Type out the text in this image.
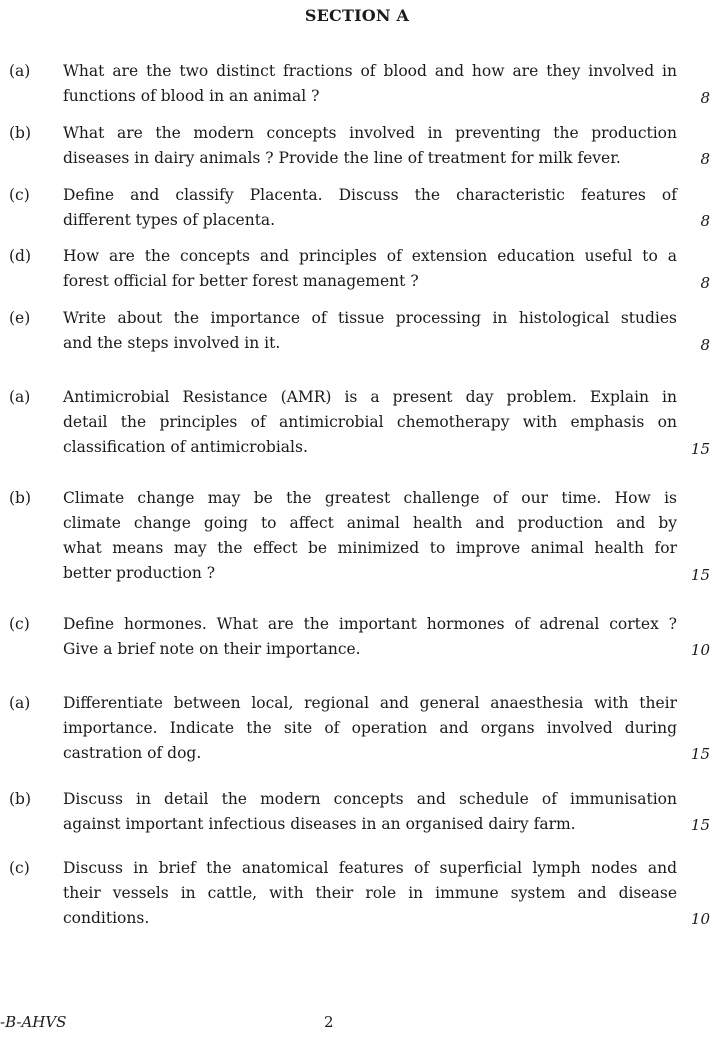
SECTION A
(a) What are the two distinct fractions of blood and how are they involved in
functions of blood in an animal ?	8
(b) What are the modern concepts involved in preventing the production
diseases in dairy animals ? Provide the line of treatment for milk fever.	8
(c) Define and classify Placenta. Discuss the characteristic features of
different types of placenta.	8
(d) How are the concepts and principles of extension education useful to a
forest official for better forest management ?	8
(e) Write about the importance of tissue processing in histological studies
and the steps involved in it.	8
(a) Antimicrobial Resistance (AMR) is a present day problem. Explain in
detail the principles of antimicrobial chemotherapy with emphasis on
classification of antimicrobials.	15
(b) Climate change may be the greatest challenge of our time. How is
climate change going to affect animal health and production and by
what means may the effect be minimized to improve animal health for
better production ?	15
(c) Define hormones. What are the important hormones of adrenal cortex ?
Give a brief note on their importance.	10
(a) Differentiate between local, regional and general anaesthesia with their
importance. Indicate the site of operation and organs involved during
castration of dog.	15
(b) Discuss in detail the modern concepts and schedule of immunisation
against important infectious diseases in an organised dairy farm.	15
(c) Discuss in brief the anatomical features of superficial lymph nodes and
their vessels in cattle, with their role in immune system and disease
conditions.	10
-B-AHVS	2
